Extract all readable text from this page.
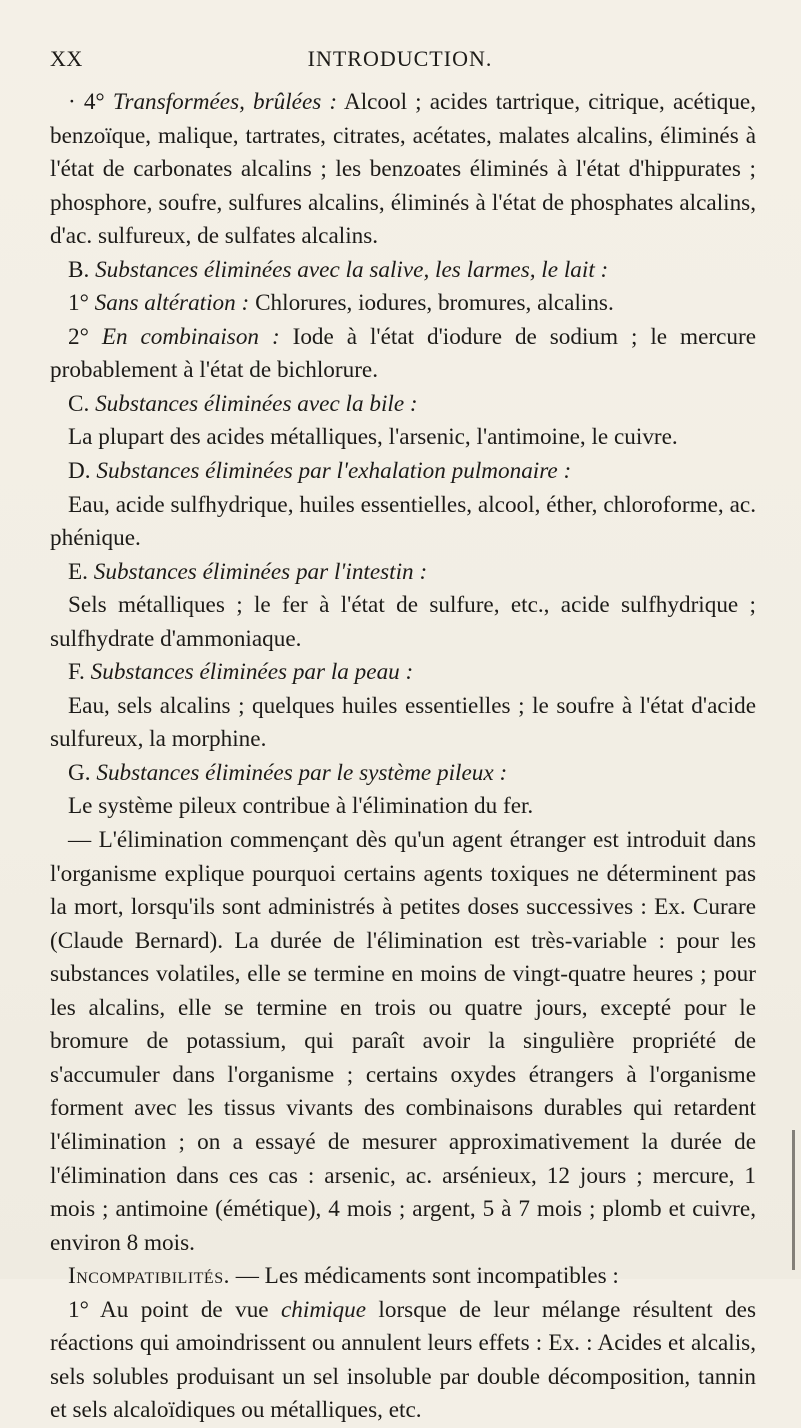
XX	INTRODUCTION.

· 4° Transformées, brûlées : Alcool ; acides tartrique, citrique, acétique, benzoïque, malique, tartrates, citrates, acétates, malates alcalins, éliminés à l'état de carbonates alcalins ; les benzoates éliminés à l'état d'hippurates ; phosphore, soufre, sulfures alcalins, éliminés à l'état de phosphates alcalins, d'ac. sulfureux, de sulfates alcalins.

B. Substances éliminées avec la salive, les larmes, le lait :

1° Sans altération : Chlorures, iodures, bromures, alcalins.

2° En combinaison : Iode à l'état d'iodure de sodium ; le mercure probablement à l'état de bichlorure.

C. Substances éliminées avec la bile :

La plupart des acides métalliques, l'arsenic, l'antimoine, le cuivre.

D. Substances éliminées par l'exhalation pulmonaire :

Eau, acide sulfhydrique, huiles essentielles, alcool, éther, chloroforme, ac. phénique.

E. Substances éliminées par l'intestin :

Sels métalliques ; le fer à l'état de sulfure, etc., acide sulfhydrique ; sulfhydrate d'ammoniaque.

F. Substances éliminées par la peau :

Eau, sels alcalins ; quelques huiles essentielles ; le soufre à l'état d'acide sulfureux, la morphine.

G. Substances éliminées par le système pileux :

Le système pileux contribue à l'élimination du fer.

— L'élimination commençant dès qu'un agent étranger est introduit dans l'organisme explique pourquoi certains agents toxiques ne déterminent pas la mort, lorsqu'ils sont administrés à petites doses successives : Ex. Curare (Claude Bernard). La durée de l'élimination est très-variable : pour les substances volatiles, elle se termine en moins de vingt-quatre heures ; pour les alcalins, elle se termine en trois ou quatre jours, excepté pour le bromure de potassium, qui paraît avoir la singulière propriété de s'accumuler dans l'organisme ; certains oxydes étrangers à l'organisme forment avec les tissus vivants des combinaisons durables qui retardent l'élimination ; on a essayé de mesurer approximativement la durée de l'élimination dans ces cas : arsenic, ac. arsénieux, 12 jours ; mercure, 1 mois ; antimoine (émétique), 4 mois ; argent, 5 à 7 mois ; plomb et cuivre, environ 8 mois.

Incompatibilités. — Les médicaments sont incompatibles :

1° Au point de vue chimique lorsque de leur mélange résultent des réactions qui amoindrissent ou annulent leurs effets : Ex. : Acides et alcalis, sels solubles produisant un sel insoluble par double décomposition, tannin et sels alcaloïdiques ou métalliques, etc.
